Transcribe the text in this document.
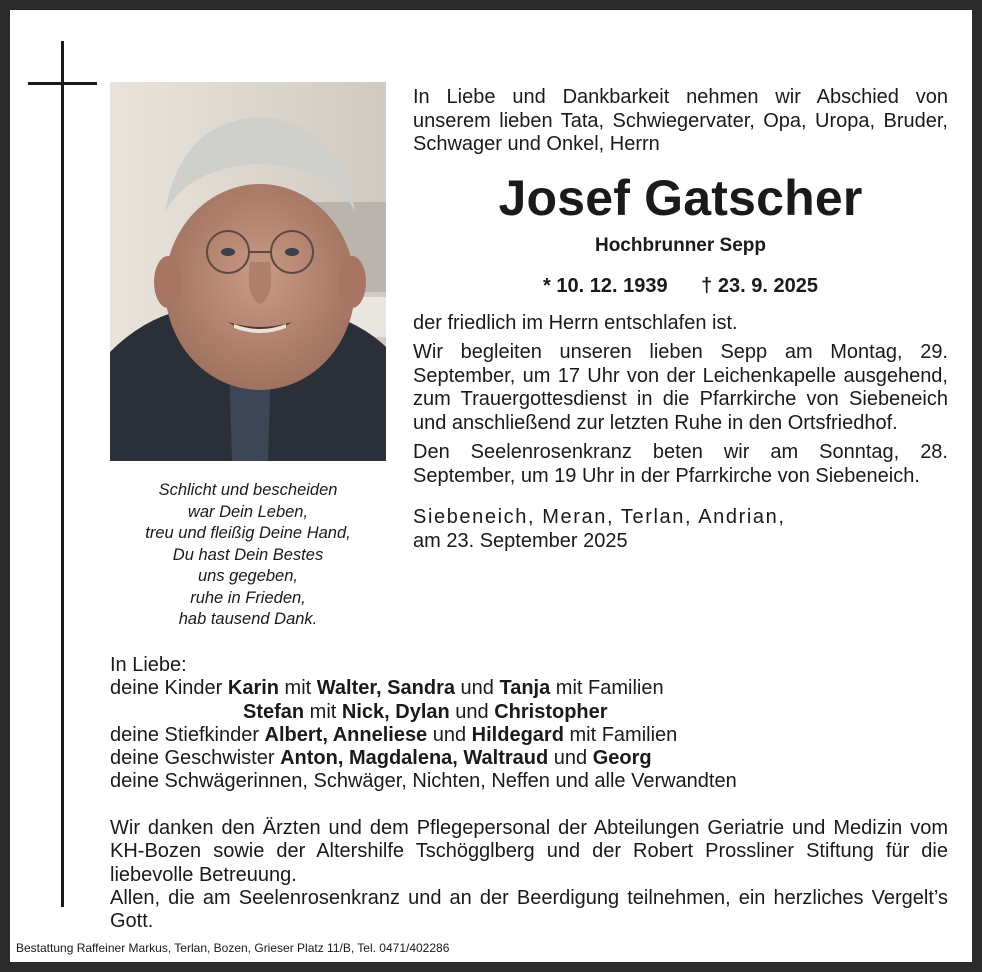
Schlicht und bescheiden
war Dein Leben,
treu und fleißig Deine Hand,
Du hast Dein Bestes
uns gegeben,
ruhe in Frieden,
hab tausend Dank.
In Liebe und Dankbarkeit nehmen wir Abschied von unserem lieben Tata, Schwiegervater, Opa, Uropa, Bruder, Schwager und Onkel, Herrn
Josef Gatscher
Hochbrunner Sepp
* 10. 12. 1939 † 23. 9. 2025
der friedlich im Herrn entschlafen ist.
Wir begleiten unseren lieben Sepp am Montag, 29. September, um 17 Uhr von der Leichenkapelle ausgehend, zum Trauergottesdienst in die Pfarrkirche von Siebeneich und anschließend zur letzten Ruhe in den Ortsfriedhof.
Den Seelenrosenkranz beten wir am Sonntag, 28. September, um 19 Uhr in der Pfarrkirche von Siebeneich.
Siebeneich, Meran, Terlan, Andrian,
am 23. September 2025
In Liebe:
deine Kinder Karin mit Walter, Sandra und Tanja mit Familien
Stefan mit Nick, Dylan und Christopher
deine Stiefkinder Albert, Anneliese und Hildegard mit Familien
deine Geschwister Anton, Magdalena, Waltraud und Georg
deine Schwägerinnen, Schwäger, Nichten, Neffen und alle Verwandten
Wir danken den Ärzten und dem Pflegepersonal der Abteilungen Geriatrie und Medizin vom KH-Bozen sowie der Altershilfe Tschögglberg und der Robert Prossliner Stiftung für die liebevolle Betreuung.
Allen, die am Seelenrosenkranz und an der Beerdigung teilnehmen, ein herzliches Vergelt’s Gott.
Bestattung Raffeiner Markus, Terlan, Bozen, Grieser Platz 11/B, Tel. 0471/402286
